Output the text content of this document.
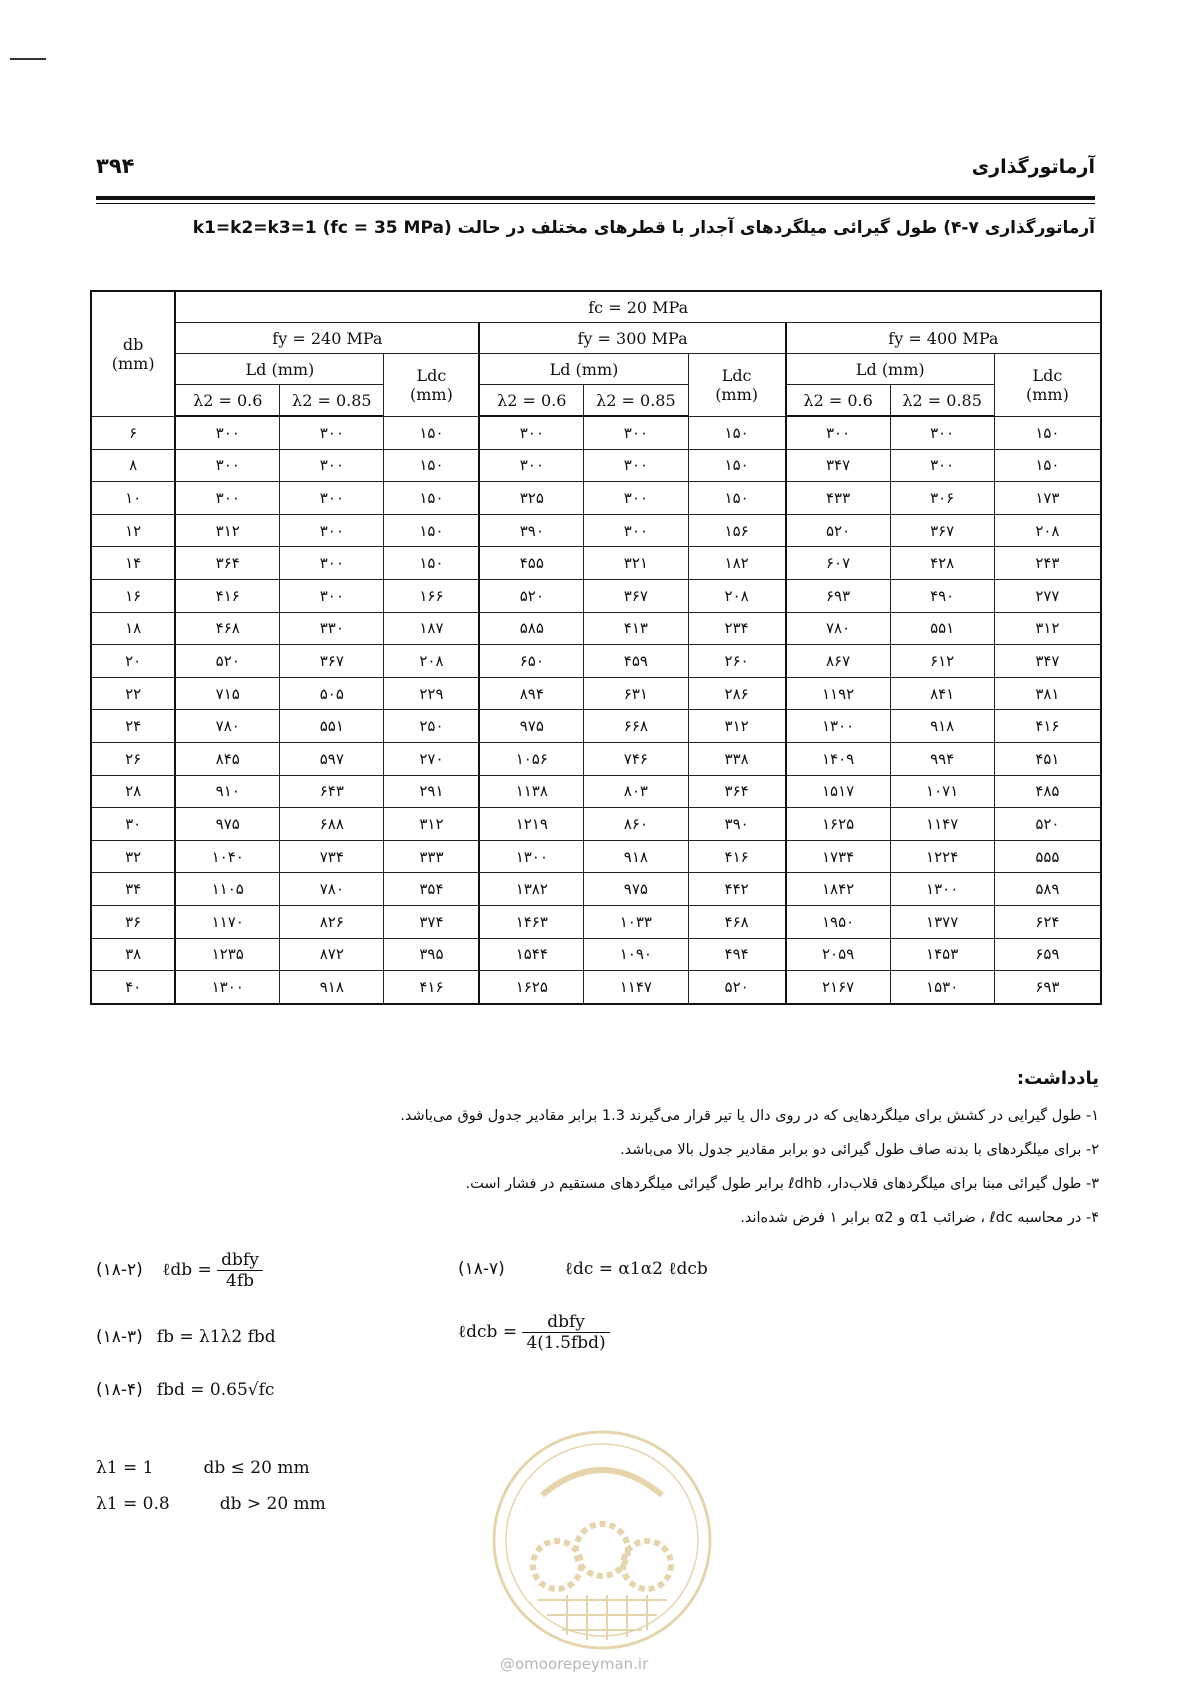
۳۹۴	آرماتورگذاری
آرماتورگذاری ۷-۴) طول گیرائی میلگردهای آجدار با قطرهای مختلف در حالت k1=k2=k3=1 (fc = 35 MPa)
db
(mm)	fc = 20 MPa								
	fy = 240 MPa			fy = 300 MPa			fy = 400 MPa		
	Ld (mm)		Ldc
(mm)	Ld (mm)		Ldc
(mm)	Ld (mm)		Ldc
(mm)
	λ2 = 0.6	λ2 = 0.85		λ2 = 0.6	λ2 = 0.85		λ2 = 0.6	λ2 = 0.85	
۶	۳۰۰	۳۰۰	۱۵۰	۳۰۰	۳۰۰	۱۵۰	۳۰۰	۳۰۰	۱۵۰
۸	۳۰۰	۳۰۰	۱۵۰	۳۰۰	۳۰۰	۱۵۰	۳۴۷	۳۰۰	۱۵۰
۱۰	۳۰۰	۳۰۰	۱۵۰	۳۲۵	۳۰۰	۱۵۰	۴۳۳	۳۰۶	۱۷۳
۱۲	۳۱۲	۳۰۰	۱۵۰	۳۹۰	۳۰۰	۱۵۶	۵۲۰	۳۶۷	۲۰۸
۱۴	۳۶۴	۳۰۰	۱۵۰	۴۵۵	۳۲۱	۱۸۲	۶۰۷	۴۲۸	۲۴۳
۱۶	۴۱۶	۳۰۰	۱۶۶	۵۲۰	۳۶۷	۲۰۸	۶۹۳	۴۹۰	۲۷۷
۱۸	۴۶۸	۳۳۰	۱۸۷	۵۸۵	۴۱۳	۲۳۴	۷۸۰	۵۵۱	۳۱۲
۲۰	۵۲۰	۳۶۷	۲۰۸	۶۵۰	۴۵۹	۲۶۰	۸۶۷	۶۱۲	۳۴۷
۲۲	۷۱۵	۵۰۵	۲۲۹	۸۹۴	۶۳۱	۲۸۶	۱۱۹۲	۸۴۱	۳۸۱
۲۴	۷۸۰	۵۵۱	۲۵۰	۹۷۵	۶۶۸	۳۱۲	۱۳۰۰	۹۱۸	۴۱۶
۲۶	۸۴۵	۵۹۷	۲۷۰	۱۰۵۶	۷۴۶	۳۳۸	۱۴۰۹	۹۹۴	۴۵۱
۲۸	۹۱۰	۶۴۳	۲۹۱	۱۱۳۸	۸۰۳	۳۶۴	۱۵۱۷	۱۰۷۱	۴۸۵
۳۰	۹۷۵	۶۸۸	۳۱۲	۱۲۱۹	۸۶۰	۳۹۰	۱۶۲۵	۱۱۴۷	۵۲۰
۳۲	۱۰۴۰	۷۳۴	۳۳۳	۱۳۰۰	۹۱۸	۴۱۶	۱۷۳۴	۱۲۲۴	۵۵۵
۳۴	۱۱۰۵	۷۸۰	۳۵۴	۱۳۸۲	۹۷۵	۴۴۲	۱۸۴۲	۱۳۰۰	۵۸۹
۳۶	۱۱۷۰	۸۲۶	۳۷۴	۱۴۶۳	۱۰۳۳	۴۶۸	۱۹۵۰	۱۳۷۷	۶۲۴
۳۸	۱۲۳۵	۸۷۲	۳۹۵	۱۵۴۴	۱۰۹۰	۴۹۴	۲۰۵۹	۱۴۵۳	۶۵۹
۴۰	۱۳۰۰	۹۱۸	۴۱۶	۱۶۲۵	۱۱۴۷	۵۲۰	۲۱۶۷	۱۵۳۰	۶۹۳
یادداشت:
۱- طول گیرایی در کشش برای میلگردهایی که در روی دال یا تیر قرار می‌گیرند 1.3 برابر مقادیر جدول فوق می‌باشد.
۲- برای میلگردهای با بدنه صاف طول گیرائی دو برابر مقادیر جدول بالا می‌باشد.
۳- طول گیرائی مبنا برای میلگردهای قلاب‌دار، ℓdhb برابر طول گیرائی میلگردهای مستقیم در فشار است.
۴- در محاسبه ℓdc ، ضرائب α1 و α2 برابر ۱ فرض شده‌اند.
(۱۸-۲) ℓdb = $\frac{\text{dbfy}}{4fb}$
(۱۸-۳) fb = λ1λ2 fbd
(۱۸-۴) fbd = 0.65√fc
(۱۸-۷)	ℓdc = α1α2 ℓdcb
ℓdcb = $\frac{\text{dbfy}}{\text{4(1.5fbd)}}$
λ1 = 1	db ≤ 20 mm
λ1 = 0.8	db > 20 mm
@omoorepeyman.ir
